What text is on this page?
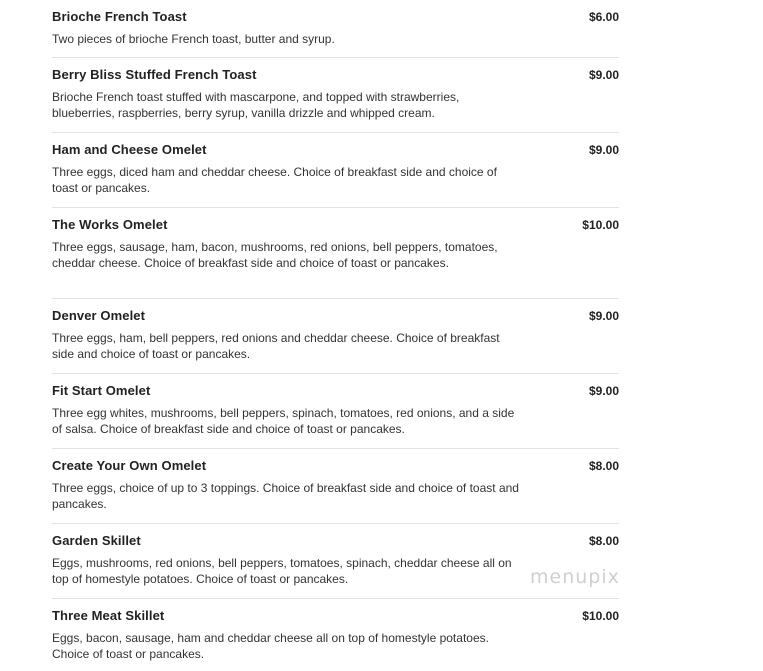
Brioche French Toast	$6.00
Two pieces of brioche French toast, butter and syrup.
Berry Bliss Stuffed French Toast	$9.00
Brioche French toast stuffed with mascarpone, and topped with strawberries, blueberries, raspberries, berry syrup, vanilla drizzle and whipped cream.
Ham and Cheese Omelet	$9.00
Three eggs, diced ham and cheddar cheese. Choice of breakfast side and choice of toast or pancakes.
The Works Omelet	$10.00
Three eggs, sausage, ham, bacon, mushrooms, red onions, bell peppers, tomatoes, cheddar cheese. Choice of breakfast side and choice of toast or pancakes.
Denver Omelet	$9.00
Three eggs, ham, bell peppers, red onions and cheddar cheese. Choice of breakfast side and choice of toast or pancakes.
Fit Start Omelet	$9.00
Three egg whites, mushrooms, bell peppers, spinach, tomatoes, red onions, and a side of salsa. Choice of breakfast side and choice of toast or pancakes.
Create Your Own Omelet	$8.00
Three eggs, choice of up to 3 toppings. Choice of breakfast side and choice of toast and pancakes.
Garden Skillet	$8.00
Eggs, mushrooms, red onions, bell peppers, tomatoes, spinach, cheddar cheese all on top of homestyle potatoes. Choice of toast or pancakes.
Three Meat Skillet	$10.00
Eggs, bacon, sausage, ham and cheddar cheese all on top of homestyle potatoes. Choice of toast or pancakes.
menupix
